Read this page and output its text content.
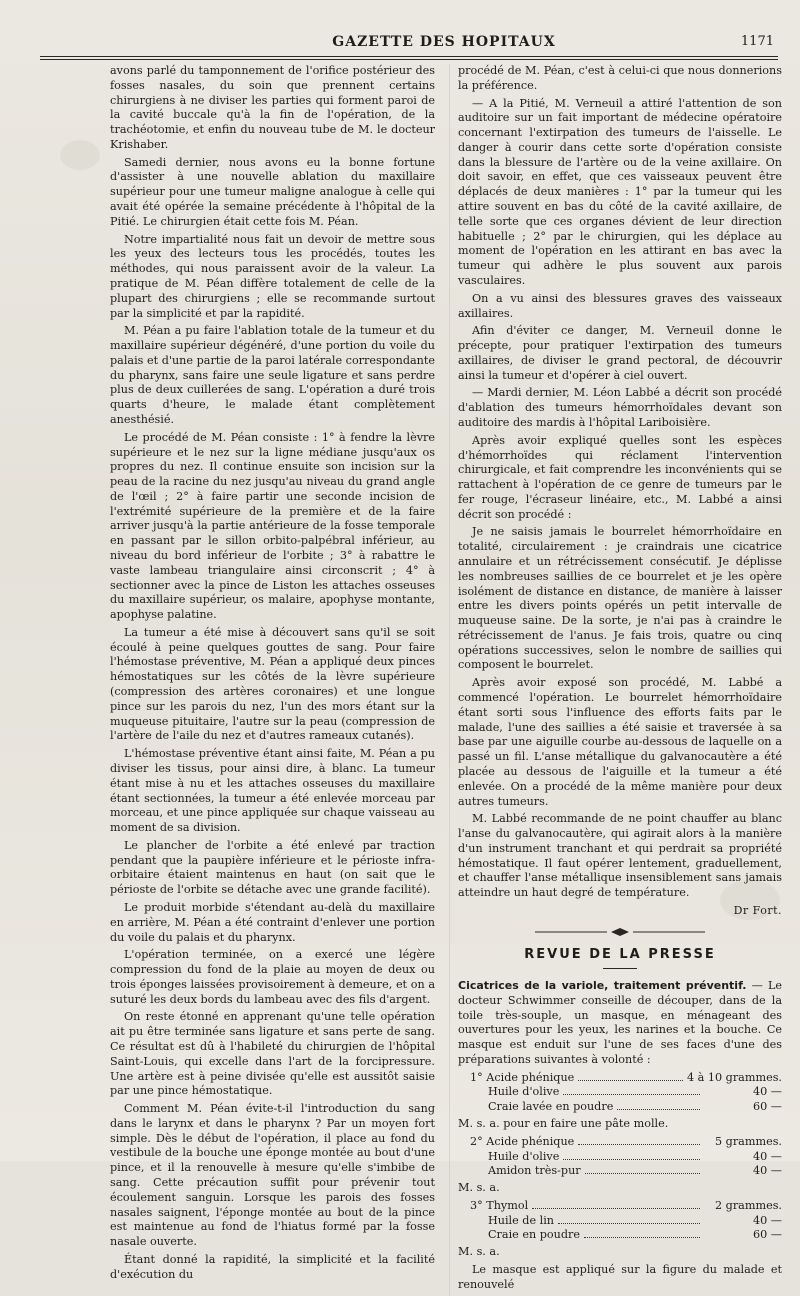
GAZETTE DES HOPITAUX	1171

avons parlé du tamponnement de l'orifice postérieur des fosses nasales, du soin que prennent certains chirurgiens à ne diviser les parties qui forment paroi de la cavité buccale qu'à la fin de l'opération, de la trachéotomie, et enfin du nouveau tube de M. le docteur Krishaber.

Samedi dernier, nous avons eu la bonne fortune d'assister à une nouvelle ablation du maxillaire supérieur pour une tumeur maligne analogue à celle qui avait été opérée la semaine précédente à l'hôpital de la Pitié. Le chirurgien était cette fois M. Péan.

Notre impartialité nous fait un devoir de mettre sous les yeux des lecteurs tous les procédés, toutes les méthodes, qui nous paraissent avoir de la valeur. La pratique de M. Péan diffère totalement de celle de la plupart des chirurgiens ; elle se recommande surtout par la simplicité et par la rapidité.

M. Péan a pu faire l'ablation totale de la tumeur et du maxillaire supérieur dégénéré, d'une portion du voile du palais et d'une partie de la paroi latérale correspondante du pharynx, sans faire une seule ligature et sans perdre plus de deux cuillerées de sang. L'opération a duré trois quarts d'heure, le malade étant complètement anesthésié.

Le procédé de M. Péan consiste : 1° à fendre la lèvre supérieure et le nez sur la ligne médiane jusqu'aux os propres du nez. Il continue ensuite son incision sur la peau de la racine du nez jusqu'au niveau du grand angle de l'œil ; 2° à faire partir une seconde incision de l'extrémité supérieure de la première et de la faire arriver jusqu'à la partie antérieure de la fosse temporale en passant par le sillon orbito-palpébral inférieur, au niveau du bord inférieur de l'orbite ; 3° à rabattre le vaste lambeau triangulaire ainsi circonscrit ; 4° à sectionner avec la pince de Liston les attaches osseuses du maxillaire supérieur, os malaire, apophyse montante, apophyse palatine.

La tumeur a été mise à découvert sans qu'il se soit écoulé à peine quelques gouttes de sang. Pour faire l'hémostase préventive, M. Péan a appliqué deux pinces hémostatiques sur les côtés de la lèvre supérieure (compression des artères coronaires) et une longue pince sur les parois du nez, l'un des mors étant sur la muqueuse pituitaire, l'autre sur la peau (compression de l'artère de l'aile du nez et d'autres rameaux cutanés).

L'hémostase préventive étant ainsi faite, M. Péan a pu diviser les tissus, pour ainsi dire, à blanc. La tumeur étant mise à nu et les attaches osseuses du maxillaire étant sectionnées, la tumeur a été enlevée morceau par morceau, et une pince appliquée sur chaque vaisseau au moment de sa division.

Le plancher de l'orbite a été enlevé par traction pendant que la paupière inférieure et le périoste infra-orbitaire étaient maintenus en haut (on sait que le périoste de l'orbite se détache avec une grande facilité).

Le produit morbide s'étendant au-delà du maxillaire en arrière, M. Péan a été contraint d'enlever une portion du voile du palais et du pharynx.

L'opération terminée, on a exercé une légère compression du fond de la plaie au moyen de deux ou trois éponges laissées provisoirement à demeure, et on a suturé les deux bords du lambeau avec des fils d'argent.

On reste étonné en apprenant qu'une telle opération ait pu être terminée sans ligature et sans perte de sang. Ce résultat est dû à l'habileté du chirurgien de l'hôpital Saint-Louis, qui excelle dans l'art de la forcipressure. Une artère est à peine divisée qu'elle est aussitôt saisie par une pince hémostatique.

Comment M. Péan évite-t-il l'introduction du sang dans le larynx et dans le pharynx ? Par un moyen fort simple. Dès le début de l'opération, il place au fond du vestibule de la bouche une éponge montée au bout d'une pince, et il la renouvelle à mesure qu'elle s'imbibe de sang. Cette précaution suffit pour prévenir tout écoulement sanguin. Lorsque les parois des fosses nasales saignent, l'éponge montée au bout de la pince est maintenue au fond de l'hiatus formé par la fosse nasale ouverte.

Étant donné la rapidité, la simplicité et la facilité d'exécution du

procédé de M. Péan, c'est à celui-ci que nous donnerions la préférence.

— A la Pitié, M. Verneuil a attiré l'attention de son auditoire sur un fait important de médecine opératoire concernant l'extirpation des tumeurs de l'aisselle. Le danger à courir dans cette sorte d'opération consiste dans la blessure de l'artère ou de la veine axillaire. On doit savoir, en effet, que ces vaisseaux peuvent être déplacés de deux manières : 1° par la tumeur qui les attire souvent en bas du côté de la cavité axillaire, de telle sorte que ces organes dévient de leur direction habituelle ; 2° par le chirurgien, qui les déplace au moment de l'opération en les attirant en bas avec la tumeur qui adhère le plus souvent aux parois vasculaires.

On a vu ainsi des blessures graves des vaisseaux axillaires.

Afin d'éviter ce danger, M. Verneuil donne le précepte, pour pratiquer l'extirpation des tumeurs axillaires, de diviser le grand pectoral, de découvrir ainsi la tumeur et d'opérer à ciel ouvert.

— Mardi dernier, M. Léon Labbé a décrit son procédé d'ablation des tumeurs hémorrhoïdales devant son auditoire des mardis à l'hôpital Lariboisière.

Après avoir expliqué quelles sont les espèces d'hémorrhoïdes qui réclament l'intervention chirurgicale, et fait comprendre les inconvénients qui se rattachent à l'opération de ce genre de tumeurs par le fer rouge, l'écraseur linéaire, etc., M. Labbé a ainsi décrit son procédé :

Je ne saisis jamais le bourrelet hémorrhoïdaire en totalité, circulairement : je craindrais une cicatrice annulaire et un rétrécissement consécutif. Je déplisse les nombreuses saillies de ce bourrelet et je les opère isolément de distance en distance, de manière à laisser entre les divers points opérés un petit intervalle de muqueuse saine. De la sorte, je n'ai pas à craindre le rétrécissement de l'anus. Je fais trois, quatre ou cinq opérations successives, selon le nombre de saillies qui composent le bourrelet.

Après avoir exposé son procédé, M. Labbé a commencé l'opération. Le bourrelet hémorrhoïdaire étant sorti sous l'influence des efforts faits par le malade, l'une des saillies a été saisie et traversée à sa base par une aiguille courbe au-dessous de laquelle on a passé un fil. L'anse métallique du galvanocautère a été placée au dessous de l'aiguille et la tumeur a été enlevée. On a procédé de la même manière pour deux autres tumeurs.

M. Labbé recommande de ne point chauffer au blanc l'anse du galvanocautère, qui agirait alors à la manière d'un instrument tranchant et qui perdrait sa propriété hémostatique. Il faut opérer lentement, graduellement, et chauffer l'anse métallique insensiblement sans jamais atteindre un haut degré de température.

Dr Fort.
REVUE DE LA PRESSE

Cicatrices de la variole, traitement préventif. — Le docteur Schwimmer conseille de découper, dans de la toile très-souple, un masque, en ménageant des ouvertures pour les yeux, les narines et la bouche. Ce masque est enduit sur l'une de ses faces d'une des préparations suivantes à volonté :

1° Acide phénique	4 à 10 grammes.
Huile d'olive	40 —
Craie lavée en poudre	60 —
M. s. a. pour en faire une pâte molle.
2° Acide phénique	5 grammes.
Huile d'olive	40 —
Amidon très-pur	40 —
M. s. a.
3° Thymol	2 grammes.
Huile de lin	40 —
Craie en poudre	60 —
M. s. a.

Le masque est appliqué sur la figure du malade et renouvelé
